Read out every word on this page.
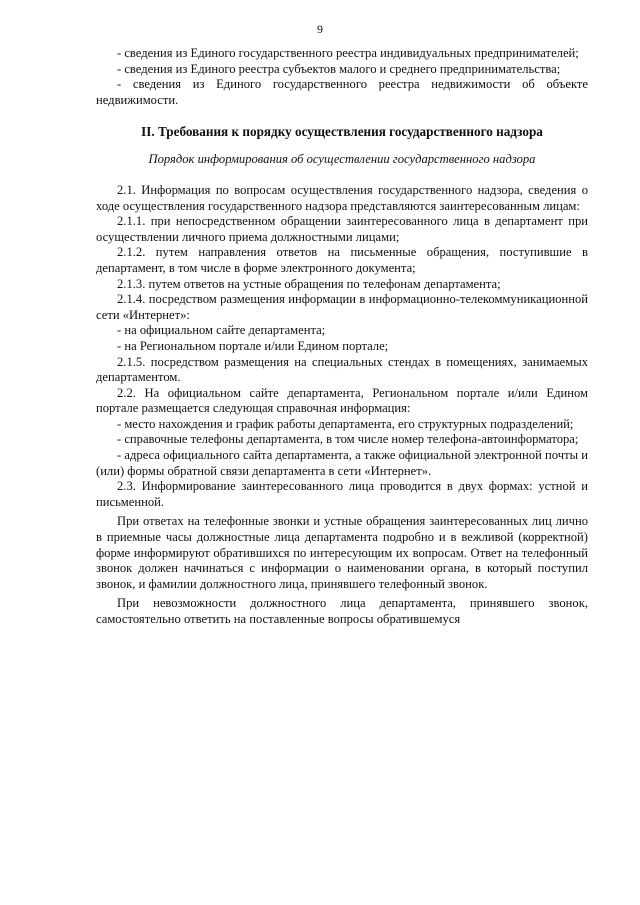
9

- сведения из Единого государственного реестра индивидуальных предпринимателей;

- сведения из Единого реестра субъектов малого и среднего предпринимательства;

- сведения из Единого государственного реестра недвижимости об объекте недвижимости.

II. Требования к порядку осуществления государственного надзора
Порядок информирования об осуществлении государственного надзора

2.1. Информация по вопросам осуществления государственного надзора, сведения о ходе осуществления государственного надзора представляются заинтересованным лицам:

2.1.1. при непосредственном обращении заинтересованного лица в департамент при осуществлении личного приема должностными лицами;

2.1.2. путем направления ответов на письменные обращения, поступившие в департамент, в том числе в форме электронного документа;

2.1.3. путем ответов на устные обращения по телефонам департамента;

2.1.4. посредством размещения информации в информационно-телекоммуникационной сети «Интернет»:

- на официальном сайте департамента;

- на Региональном портале и/или Едином портале;

2.1.5. посредством размещения на специальных стендах в помещениях, занимаемых департаментом.

2.2. На официальном сайте департамента, Региональном портале и/или Едином портале размещается следующая справочная информация:

- место нахождения и график работы департамента, его структурных подразделений;

- справочные телефоны департамента, в том числе номер телефона-автоинформатора;

- адреса официального сайта департамента, а также официальной электронной почты и (или) формы обратной связи департамента в сети «Интернет».

2.3. Информирование заинтересованного лица проводится в двух формах: устной и письменной.

При ответах на телефонные звонки и устные обращения заинтересованных лиц лично в приемные часы должностные лица департамента подробно и в вежливой (корректной) форме информируют обратившихся по интересующим их вопросам. Ответ на телефонный звонок должен начинаться с информации о наименовании органа, в который поступил звонок, и фамилии должностного лица, принявшего телефонный звонок.

При невозможности должностного лица департамента, принявшего звонок, самостоятельно ответить на поставленные вопросы обратившемуся
